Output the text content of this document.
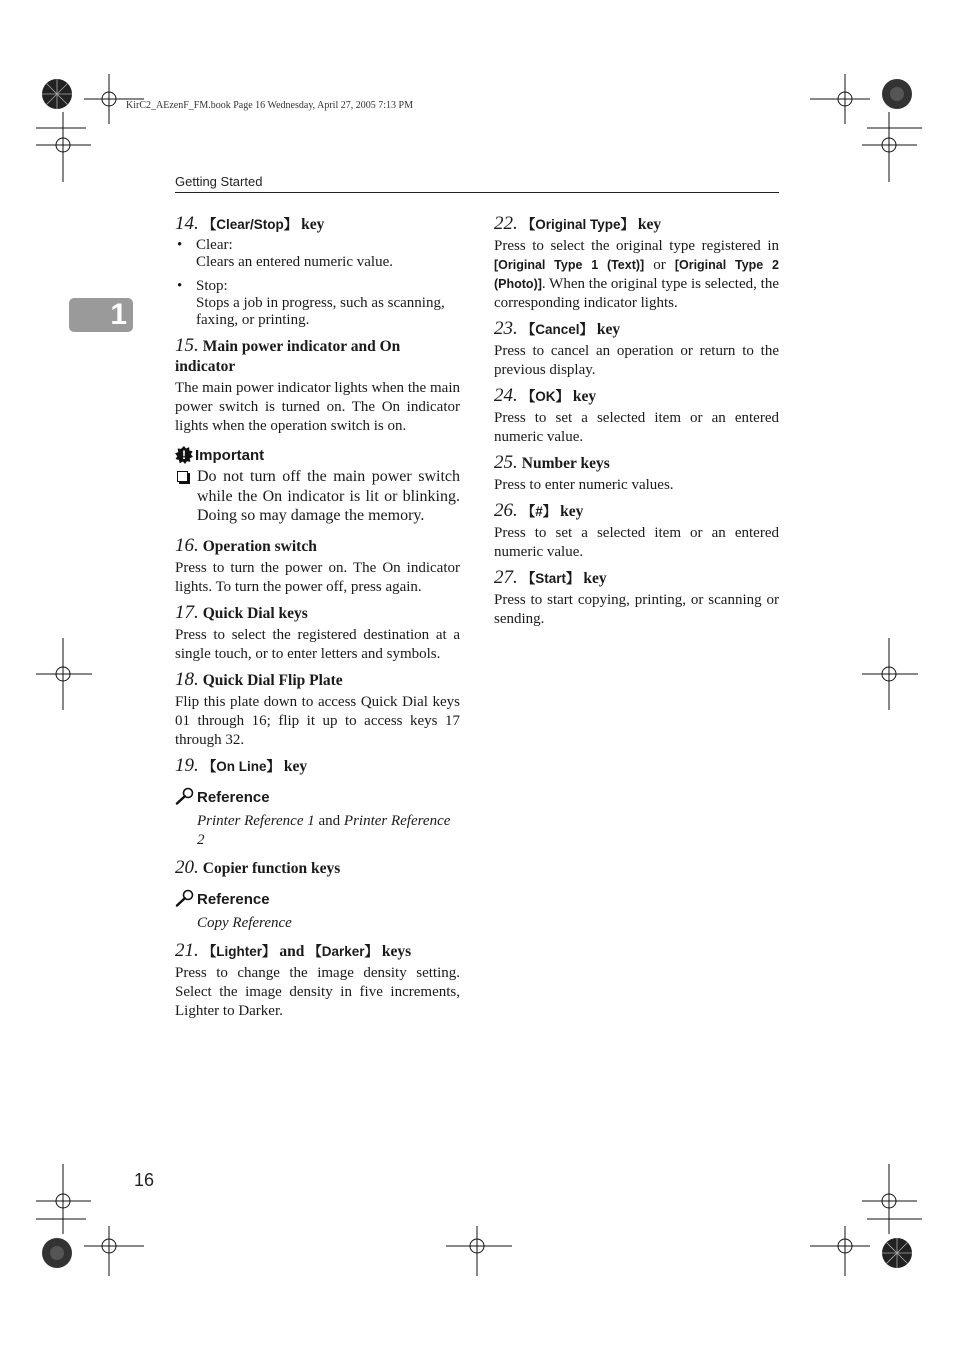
KirC2_AEzenF_FM.book Page 16 Wednesday, April 27, 2005 7:13 PM
Getting Started
1
16
14. 【Clear/Stop】 key
• Clear:
Clears an entered numeric value.
• Stop:
Stops a job in progress, such as scanning, faxing, or printing.
15. Main power indicator and On indicator

The main power indicator lights when the main power switch is turned on. The On indicator lights when the operation switch is on.

!
Important
Do not turn off the main power switch while the On indicator is lit or blinking. Doing so may damage the memory.
16. Operation switch

Press to turn the power on. The On indicator lights. To turn the power off, press again.

17. Quick Dial keys

Press to select the registered destination at a single touch, or to enter letters and symbols.

18. Quick Dial Flip Plate

Flip this plate down to access Quick Dial keys 01 through 16; flip it up to access keys 17 through 32.

19. 【On Line】 key
Reference

Printer Reference 1 and Printer Reference 2

20. Copier function keys
Reference

Copy Reference

21. 【Lighter】 and 【Darker】 keys

Press to change the image density setting. Select the image density in five increments, Lighter to Darker.

22. 【Original Type】 key

Press to select the original type registered in [Original Type 1 (Text)] or [Original Type 2 (Photo)]. When the original type is selected, the corresponding indicator lights.

23. 【Cancel】 key

Press to cancel an operation or return to the previous display.

24. 【OK】 key

Press to set a selected item or an entered numeric value.

25. Number keys

Press to enter numeric values.

26. 【#】 key

Press to set a selected item or an entered numeric value.

27. 【Start】 key

Press to start copying, printing, or scanning or sending.
